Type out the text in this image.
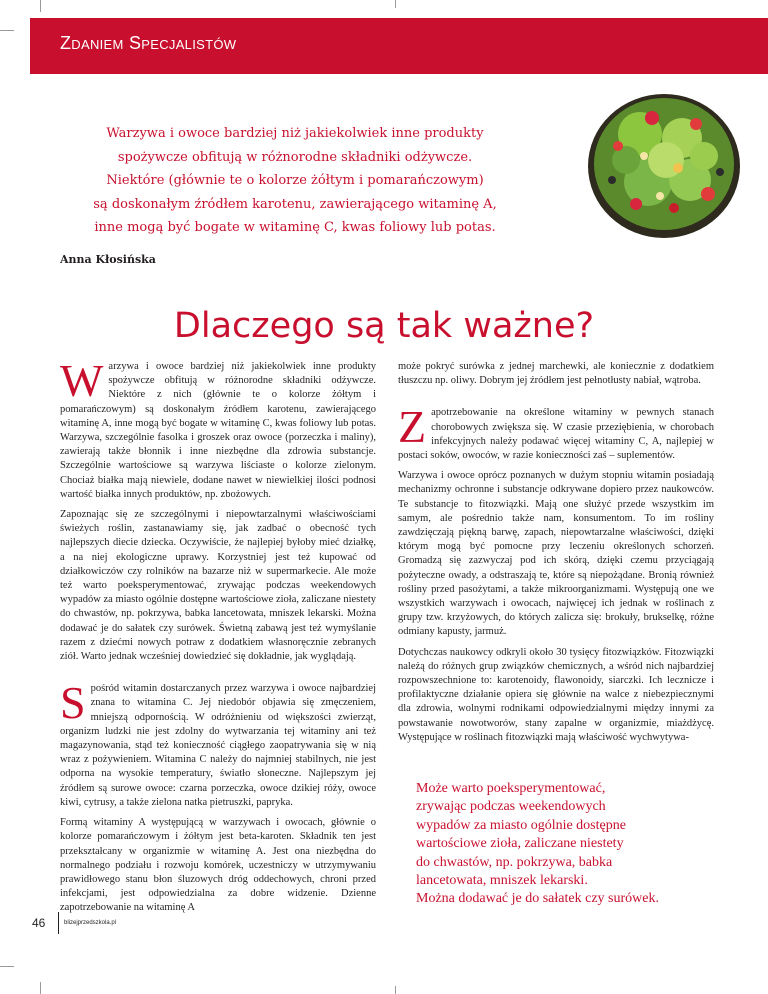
Zdaniem Specjalistów

Warzywa i owoce bardziej niż jakiekolwiek inne produkty

spożywcze obfitują w różnorodne składniki odżywcze.

Niektóre (głównie te o kolorze żółtym i pomarańczowym)

są doskonałym źródłem karotenu, zawierającego witaminę A,

inne mogą być bogate w witaminę C, kwas foliowy lub potas.

Anna Kłosińska
Dlaczego są tak ważne?

Warzywa i owoce bardziej niż jakiekolwiek inne produkty spożywcze obfitują w różnorodne składniki odżywcze. Niektóre z nich (głównie te o kolorze żółtym i pomarańczowym) są doskonałym źródłem karotenu, zawierającego witaminę A, inne mogą być bogate w witaminę C, kwas foliowy lub potas. Warzywa, szczególnie fasolka i groszek oraz owoce (porzeczka i maliny), zawierają także błonnik i inne niezbędne dla zdrowia substancje. Szczególnie wartościowe są warzywa liściaste o kolorze zielonym. Chociaż białka mają niewiele, dodane nawet w niewielkiej ilości podnosi wartość białka innych produktów, np. zbożowych.

Zapoznając się ze szczególnymi i niepowtarzalnymi właściwościami świeżych roślin, zastanawiamy się, jak zadbać o obecność tych najlepszych diecie dziecka. Oczywiście, że najlepiej byłoby mieć działkę, a na niej ekologiczne uprawy. Korzystniej jest też kupować od działkowiczów czy rolników na bazarze niż w supermarkecie. Ale może też warto poeksperymentować, zrywając podczas weekendowych wypadów za miasto ogólnie dostępne wartościowe zioła, zaliczane niestety do chwastów, np. pokrzywa, babka lancetowata, mniszek lekarski. Można dodawać je do sałatek czy surówek. Świetną zabawą jest też wymyślanie razem z dziećmi nowych potraw z dodatkiem własnoręcznie zebranych ziół. Warto jednak wcześniej dowiedzieć się dokładnie, jak wyglądają.

Spośród witamin dostarczanych przez warzywa i owoce najbardziej znana to witamina C. Jej niedobór objawia się zmęczeniem, mniejszą odpornością. W odróżnieniu od większości zwierząt, organizm ludzki nie jest zdolny do wytwarzania tej witaminy ani też magazynowania, stąd też konieczność ciągłego zaopatrywania się w nią wraz z pożywieniem. Witamina C należy do najmniej stabilnych, nie jest odporna na wysokie temperatury, światło słoneczne. Najlepszym jej źródłem są surowe owoce: czarna porzeczka, owoce dzikiej róży, owoce kiwi, cytrusy, a także zielona natka pietruszki, papryka.

Formą witaminy A występującą w warzywach i owocach, głównie o kolorze pomarańczowym i żółtym jest beta-karoten. Składnik ten jest przekształcany w organizmie w witaminę A. Jest ona niezbędna do normalnego podziału i rozwoju komórek, uczestniczy w utrzymywaniu prawidłowego stanu błon śluzowych dróg oddechowych, chroni przed infekcjami, jest odpowiedzialna za dobre widzenie. Dzienne zapotrzebowanie na witaminę A

może pokryć surówka z jednej marchewki, ale koniecznie z dodatkiem tłuszczu np. oliwy. Dobrym jej źródłem jest pełnotłusty nabiał, wątroba.

Zapotrzebowanie na określone witaminy w pewnych stanach chorobowych zwiększa się. W czasie przeziębienia, w chorobach infekcyjnych należy podawać więcej witaminy C, A, najlepiej w postaci soków, owoców, w razie konieczności zaś – suplementów.

Warzywa i owoce oprócz poznanych w dużym stopniu witamin posiadają mechanizmy ochronne i substancje odkrywane dopiero przez naukowców. Te substancje to fitozwiązki. Mają one służyć przede wszystkim im samym, ale pośrednio także nam, konsumentom. To im rośliny zawdzięczają piękną barwę, zapach, niepowtarzalne właściwości, dzięki którym mogą być pomocne przy leczeniu określonych schorzeń. Gromadzą się zazwyczaj pod ich skórą, dzięki czemu przyciągają pożyteczne owady, a odstraszają te, które są niepożądane. Bronią również rośliny przed pasożytami, a także mikroorganizmami. Występują one we wszystkich warzywach i owocach, najwięcej ich jednak w roślinach z grupy tzw. krzyżowych, do których zalicza się: brokuły, brukselkę, różne odmiany kapusty, jarmuż.

Dotychczas naukowcy odkryli około 30 tysięcy fitozwiązków. Fitozwiązki należą do różnych grup związków chemicznych, a wśród nich najbardziej rozpowszechnione to: karotenoidy, flawonoidy, siarczki. Ich lecznicze i profilaktyczne działanie opiera się głównie na walce z niebezpiecznymi dla zdrowia, wolnymi rodnikami odpowiedzialnymi między innymi za powstawanie nowotworów, stany zapalne w organizmie, miażdżycę. Występujące w roślinach fitozwiązki mają właściwość wychwytywa-

Może warto poeksperymentować,

zrywając podczas weekendowych

wypadów za miasto ogólnie dostępne

wartościowe zioła, zaliczane niestety

do chwastów, np. pokrzywa, babka

lancetowata, mniszek lekarski.

Można dodawać je do sałatek czy surówek.

46	blizejprzedszkola.pl
